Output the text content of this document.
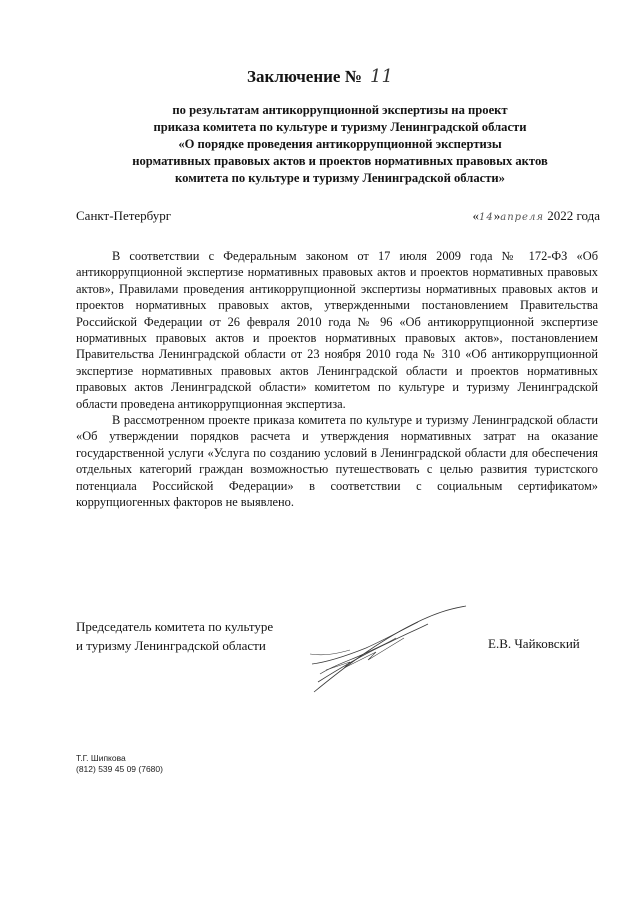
Заключение № 11
по результатам антикоррупционной экспертизы на проект
приказа комитета по культуре и туризму Ленинградской области
«О порядке проведения антикоррупционной экспертизы
нормативных правовых актов и проектов нормативных правовых актов
комитета по культуре и туризму Ленинградской области»
Санкт-Петербург	«14»апреля 2022 года

В соответствии с Федеральным законом от 17 июля 2009 года № 172-ФЗ «Об антикоррупционной экспертизе нормативных правовых актов и проектов нормативных правовых актов», Правилами проведения антикоррупционной экспертизы нормативных правовых актов и проектов нормативных правовых актов, утвержденными постановлением Правительства Российской Федерации от 26 февраля 2010 года № 96 «Об антикоррупционной экспертизе нормативных правовых актов и проектов нормативных правовых актов», постановлением Правительства Ленинградской области от 23 ноября 2010 года № 310 «Об антикоррупционной экспертизе нормативных правовых актов Ленинградской области и проектов нормативных правовых актов Ленинградской области» комитетом по культуре и туризму Ленинградской области проведена антикоррупционная экспертиза.

В рассмотренном проекте приказа комитета по культуре и туризму Ленинградской области «Об утверждении порядков расчета и утверждения нормативных затрат на оказание государственной услуги «Услуга по созданию условий в Ленинградской области для обеспечения отдельных категорий граждан возможностью путешествовать с целью развития туристского потенциала Российской Федерации» в соответствии с социальным сертификатом» коррупциогенных факторов не выявлено.

Председатель комитета по культуре
и туризму Ленинградской области	Е.В. Чайковский
Т.Г. Шипкова
(812) 539 45 09 (7680)
